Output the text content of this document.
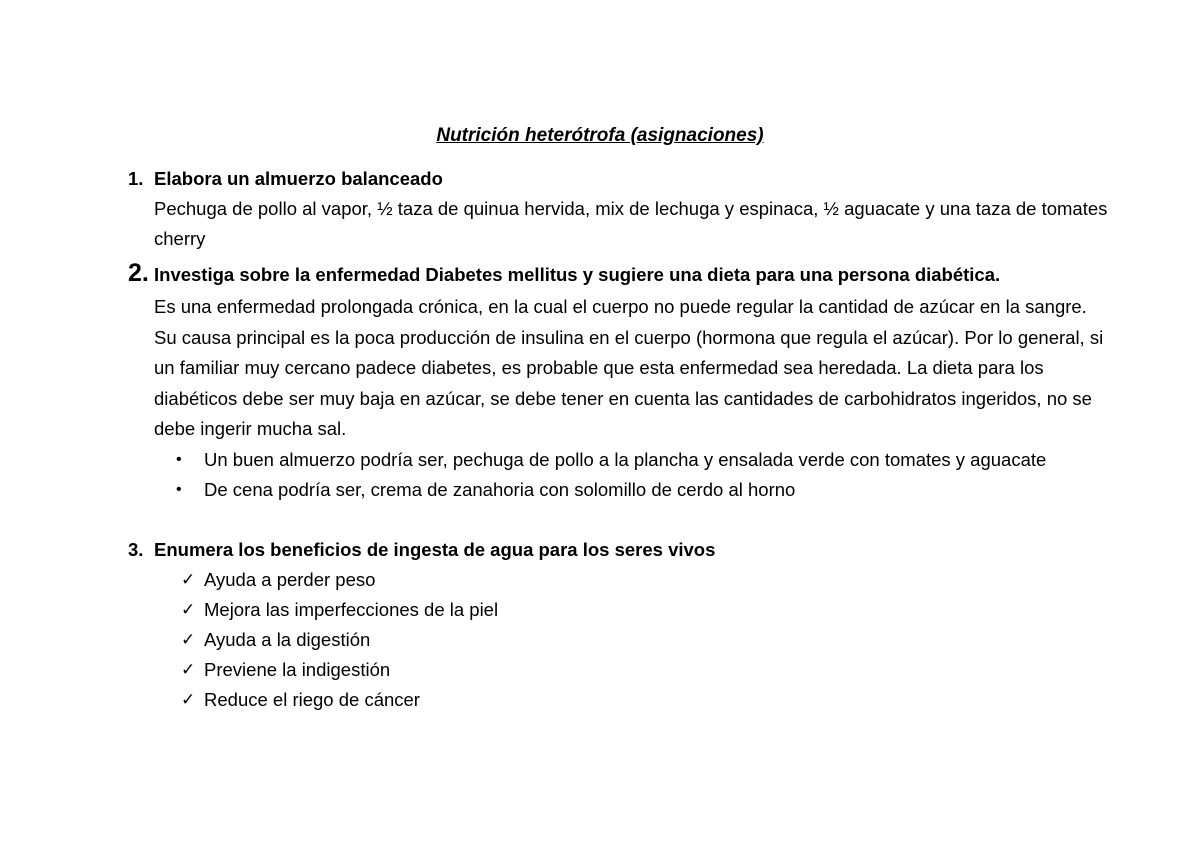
Nutrición heterótrofa (asignaciones)
1. Elabora un almuerzo balanceado

Pechuga de pollo al vapor, ½ taza de quinua hervida, mix de lechuga y espinaca, ½ aguacate y una taza de tomates cherry

2. Investiga sobre la enfermedad Diabetes mellitus y sugiere una dieta para una persona diabética.

Es una enfermedad prolongada crónica, en la cual el cuerpo no puede regular la cantidad de azúcar en la sangre. Su causa principal es la poca producción de insulina en el cuerpo (hormona que regula el azúcar). Por lo general, si un familiar muy cercano padece diabetes, es probable que esta enfermedad sea heredada. La dieta para los diabéticos debe ser muy baja en azúcar, se debe tener en cuenta las cantidades de carbohidratos ingeridos, no se debe ingerir mucha sal.

• Un buen almuerzo podría ser, pechuga de pollo a la plancha y ensalada verde con tomates y aguacate
• De cena podría ser, crema de zanahoria con solomillo de cerdo al horno
3. Enumera los beneficios de ingesta de agua para los seres vivos
✓ Ayuda a perder peso
✓ Mejora las imperfecciones de la piel
✓ Ayuda a la digestión
✓ Previene la indigestión
✓ Reduce el riego de cáncer
